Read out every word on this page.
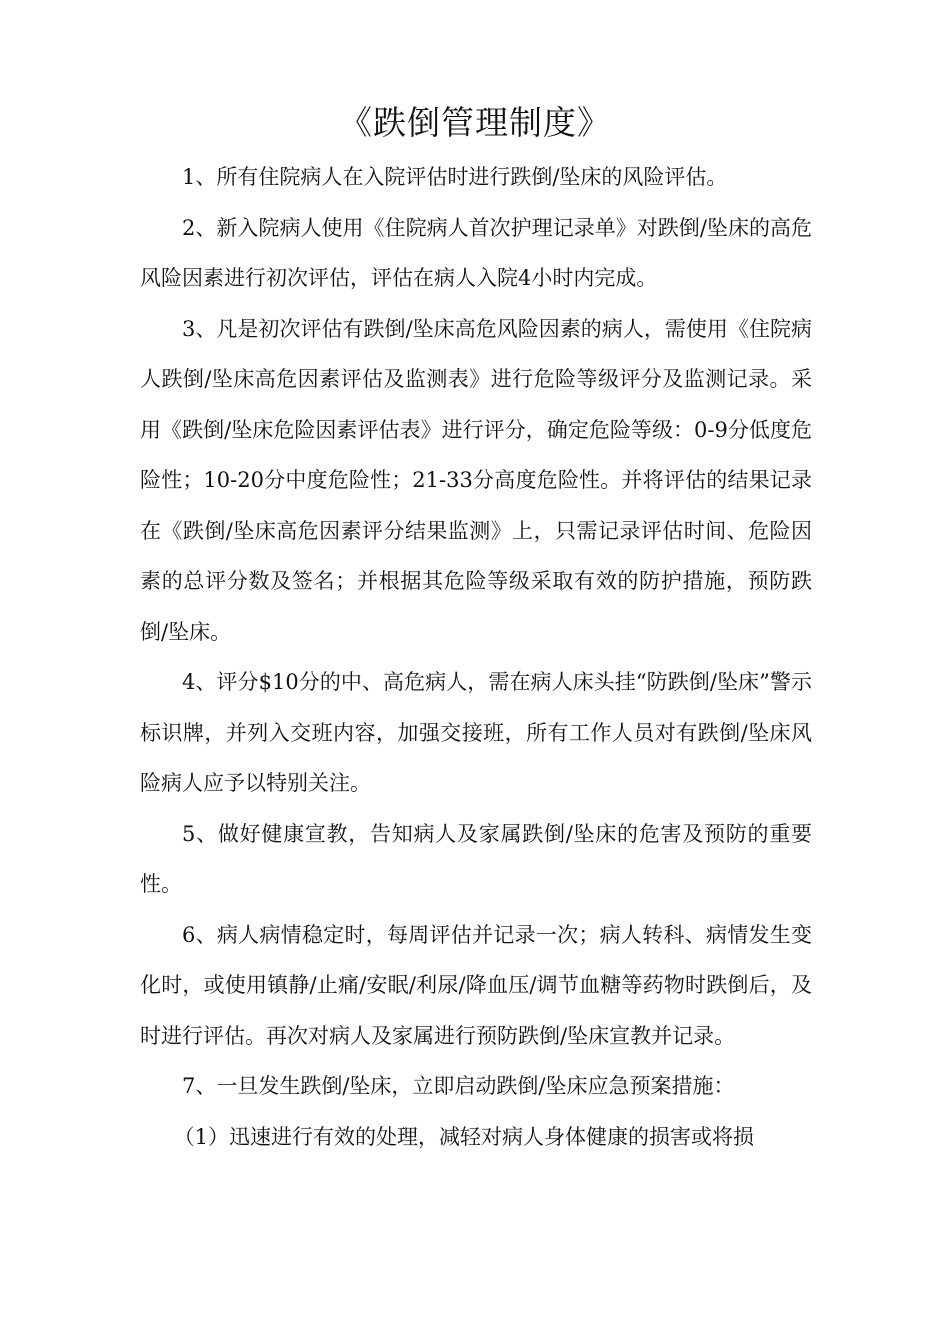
《跌倒管理制度》

1、所有住院病人在入院评估时进行跌倒/坠床的风险评估。

2、新入院病人使用《住院病人首次护理记录单》对跌倒/坠床的高危风险因素进行初次评估，评估在病人入院4小时内完成。

3、凡是初次评估有跌倒/坠床高危风险因素的病人，需使用《住院病人跌倒/坠床高危因素评估及监测表》进行危险等级评分及监测记录。采用《跌倒/坠床危险因素评估表》进行评分，确定危险等级：0-9分低度危险性；10-20分中度危险性；21-33分高度危险性。并将评估的结果记录在《跌倒/坠床高危因素评分结果监测》上，只需记录评估时间、危险因素的总评分数及签名；并根据其危险等级采取有效的防护措施，预防跌倒/坠床。

4、评分$10分的中、高危病人，需在病人床头挂“防跌倒/坠床”警示标识牌，并列入交班内容，加强交接班，所有工作人员对有跌倒/坠床风险病人应予以特别关注。

5、做好健康宣教，告知病人及家属跌倒/坠床的危害及预防的重要性。

6、病人病情稳定时，每周评估并记录一次；病人转科、病情发生变化时，或使用镇静/止痛/安眠/利尿/降血压/调节血糖等药物时跌倒后，及时进行评估。再次对病人及家属进行预防跌倒/坠床宣教并记录。

7、一旦发生跌倒/坠床，立即启动跌倒/坠床应急预案措施：

（1）迅速进行有效的处理，减轻对病人身体健康的损害或将损
